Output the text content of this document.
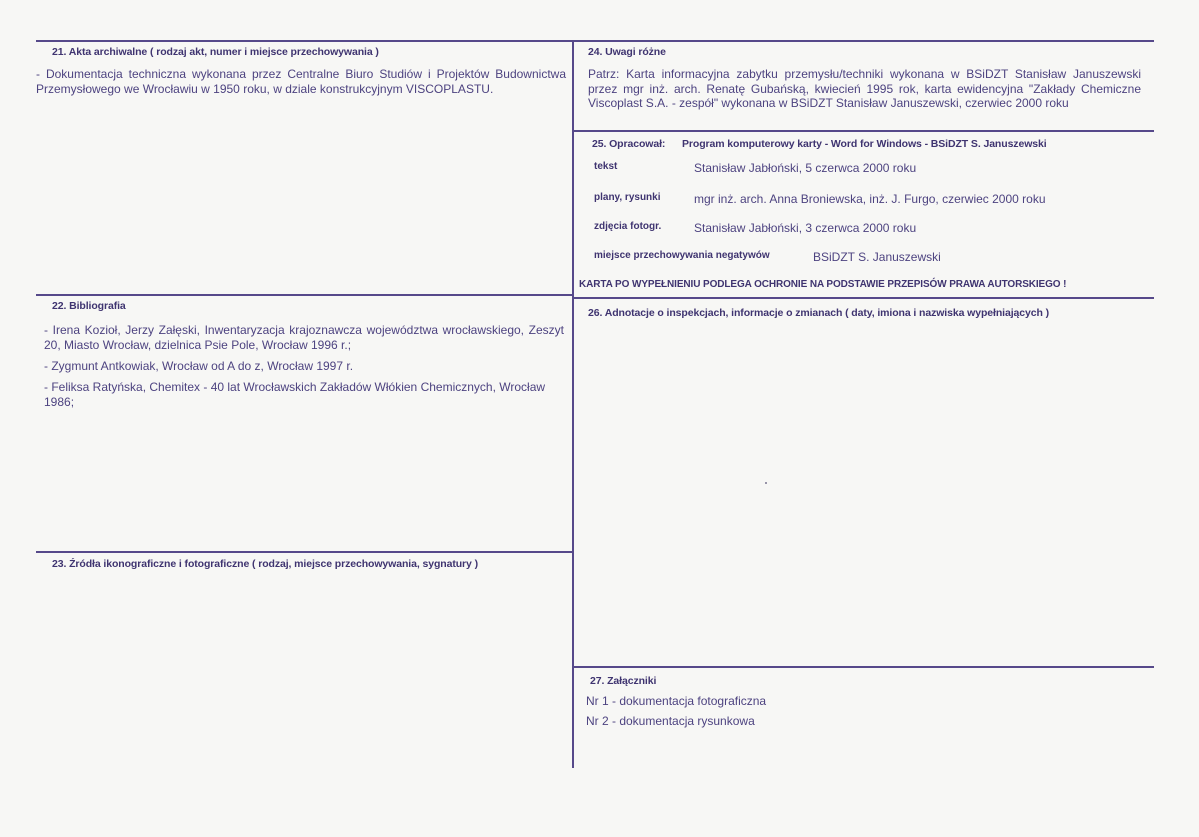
21. Akta archiwalne ( rodzaj akt, numer i miejsce przechowywania )
- Dokumentacja techniczna wykonana przez Centralne Biuro Studiów i Projektów Budownictwa Przemysłowego we Wrocławiu w 1950 roku, w dziale konstrukcyjnym VISCOPLASTU.
22. Bibliografia
- Irena Kozioł, Jerzy Załęski, Inwentaryzacja krajoznawcza województwa wrocławskiego, Zeszyt 20, Miasto Wrocław, dzielnica Psie Pole, Wrocław 1996 r.;
- Zygmunt Antkowiak, Wrocław od A do z, Wrocław 1997 r.
- Feliksa Ratyńska, Chemitex - 40 lat Wrocławskich Zakładów Włókien Chemicznych, Wrocław 1986;
23. Źródła ikonograficzne i fotograficzne ( rodzaj, miejsce przechowywania, sygnatury )
24. Uwagi różne
Patrz: Karta informacyjna zabytku przemysłu/techniki wykonana w BSiDZT Stanisław Januszewski przez mgr inż. arch. Renatę Gubańską, kwiecień 1995 rok, karta ewidencyjna "Zakłady Chemiczne Viscoplast S.A. - zespół" wykonana w BSiDZT Stanisław Januszewski, czerwiec 2000 roku
25. Opracował: Program komputerowy karty - Word for Windows - BSiDZT S. Januszewski
tekst	Stanisław Jabłoński, 5 czerwca 2000 roku
plany, rysunki	mgr inż. arch. Anna Broniewska, inż. J. Furgo, czerwiec 2000 roku
zdjęcia fotogr.	Stanisław Jabłoński, 3 czerwca 2000 roku
miejsce przechowywania negatywów	BSiDZT S. Januszewski
KARTA PO WYPEŁNIENIU PODLEGA OCHRONIE NA PODSTAWIE PRZEPISÓW PRAWA AUTORSKIEGO !
26. Adnotacje o inspekcjach, informacje o zmianach ( daty, imiona i nazwiska wypełniających )
27. Załączniki
Nr 1 - dokumentacja fotograficzna
Nr 2 - dokumentacja rysunkowa
